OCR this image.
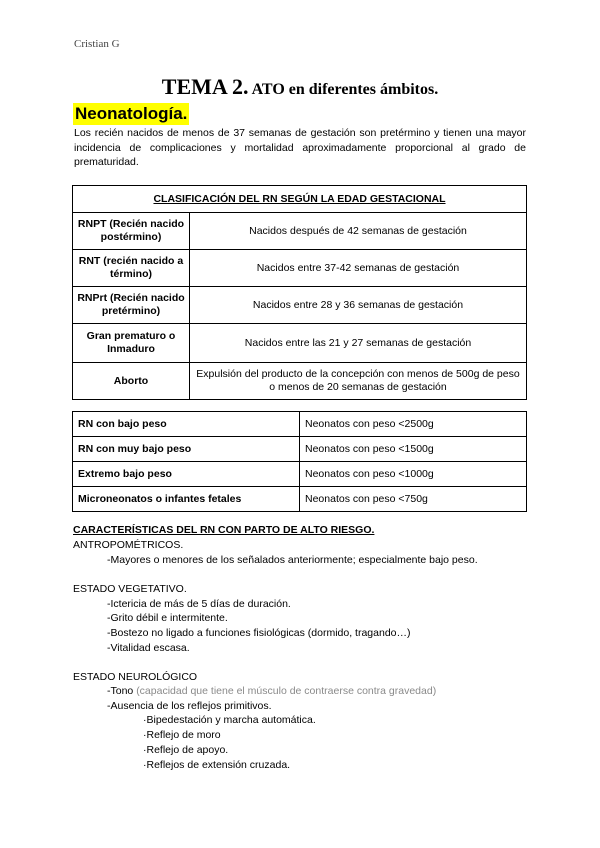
Cristian G
TEMA 2. ATO en diferentes ámbitos.
Neonatología.
Los recién nacidos de menos de 37 semanas de gestación son pretérmino y tienen una mayor incidencia de complicaciones y mortalidad aproximadamente proporcional al grado de prematuridad.
CLASIFICACIÓN DEL RN SEGÚN LA EDAD GESTACIONAL	
RNPT (Recién nacido postérmino)	Nacidos después de 42 semanas de gestación
RNT (recién nacido a término)	Nacidos entre 37-42 semanas de gestación
RNPrt (Recién nacido pretérmino)	Nacidos entre 28 y 36 semanas de gestación
Gran prematuro o Inmaduro	Nacidos entre las 21 y 27 semanas de gestación
Aborto	Expulsión del producto de la concepción con menos de 500g de peso o menos de 20 semanas de gestación
RN con bajo peso	Neonatos con peso <2500g
RN con muy bajo peso	Neonatos con peso <1500g
Extremo bajo peso	Neonatos con peso <1000g
Microneonatos o infantes fetales	Neonatos con peso <750g
CARACTERÍSTICAS DEL RN CON PARTO DE ALTO RIESGO.
ANTROPOMÉTRICOS.
-Mayores o menores de los señalados anteriormente; especialmente bajo peso.
ESTADO VEGETATIVO.
-Ictericia de más de 5 días de duración.
-Grito débil e intermitente.
-Bostezo no ligado a funciones fisiológicas (dormido, tragando…)
-Vitalidad escasa.
ESTADO NEUROLÓGICO
-Tono (capacidad que tiene el músculo de contraerse contra gravedad)
-Ausencia de los reflejos primitivos.
·Bipedestación y marcha automática.
·Reflejo de moro
·Reflejo de apoyo.
·Reflejos de extensión cruzada.
